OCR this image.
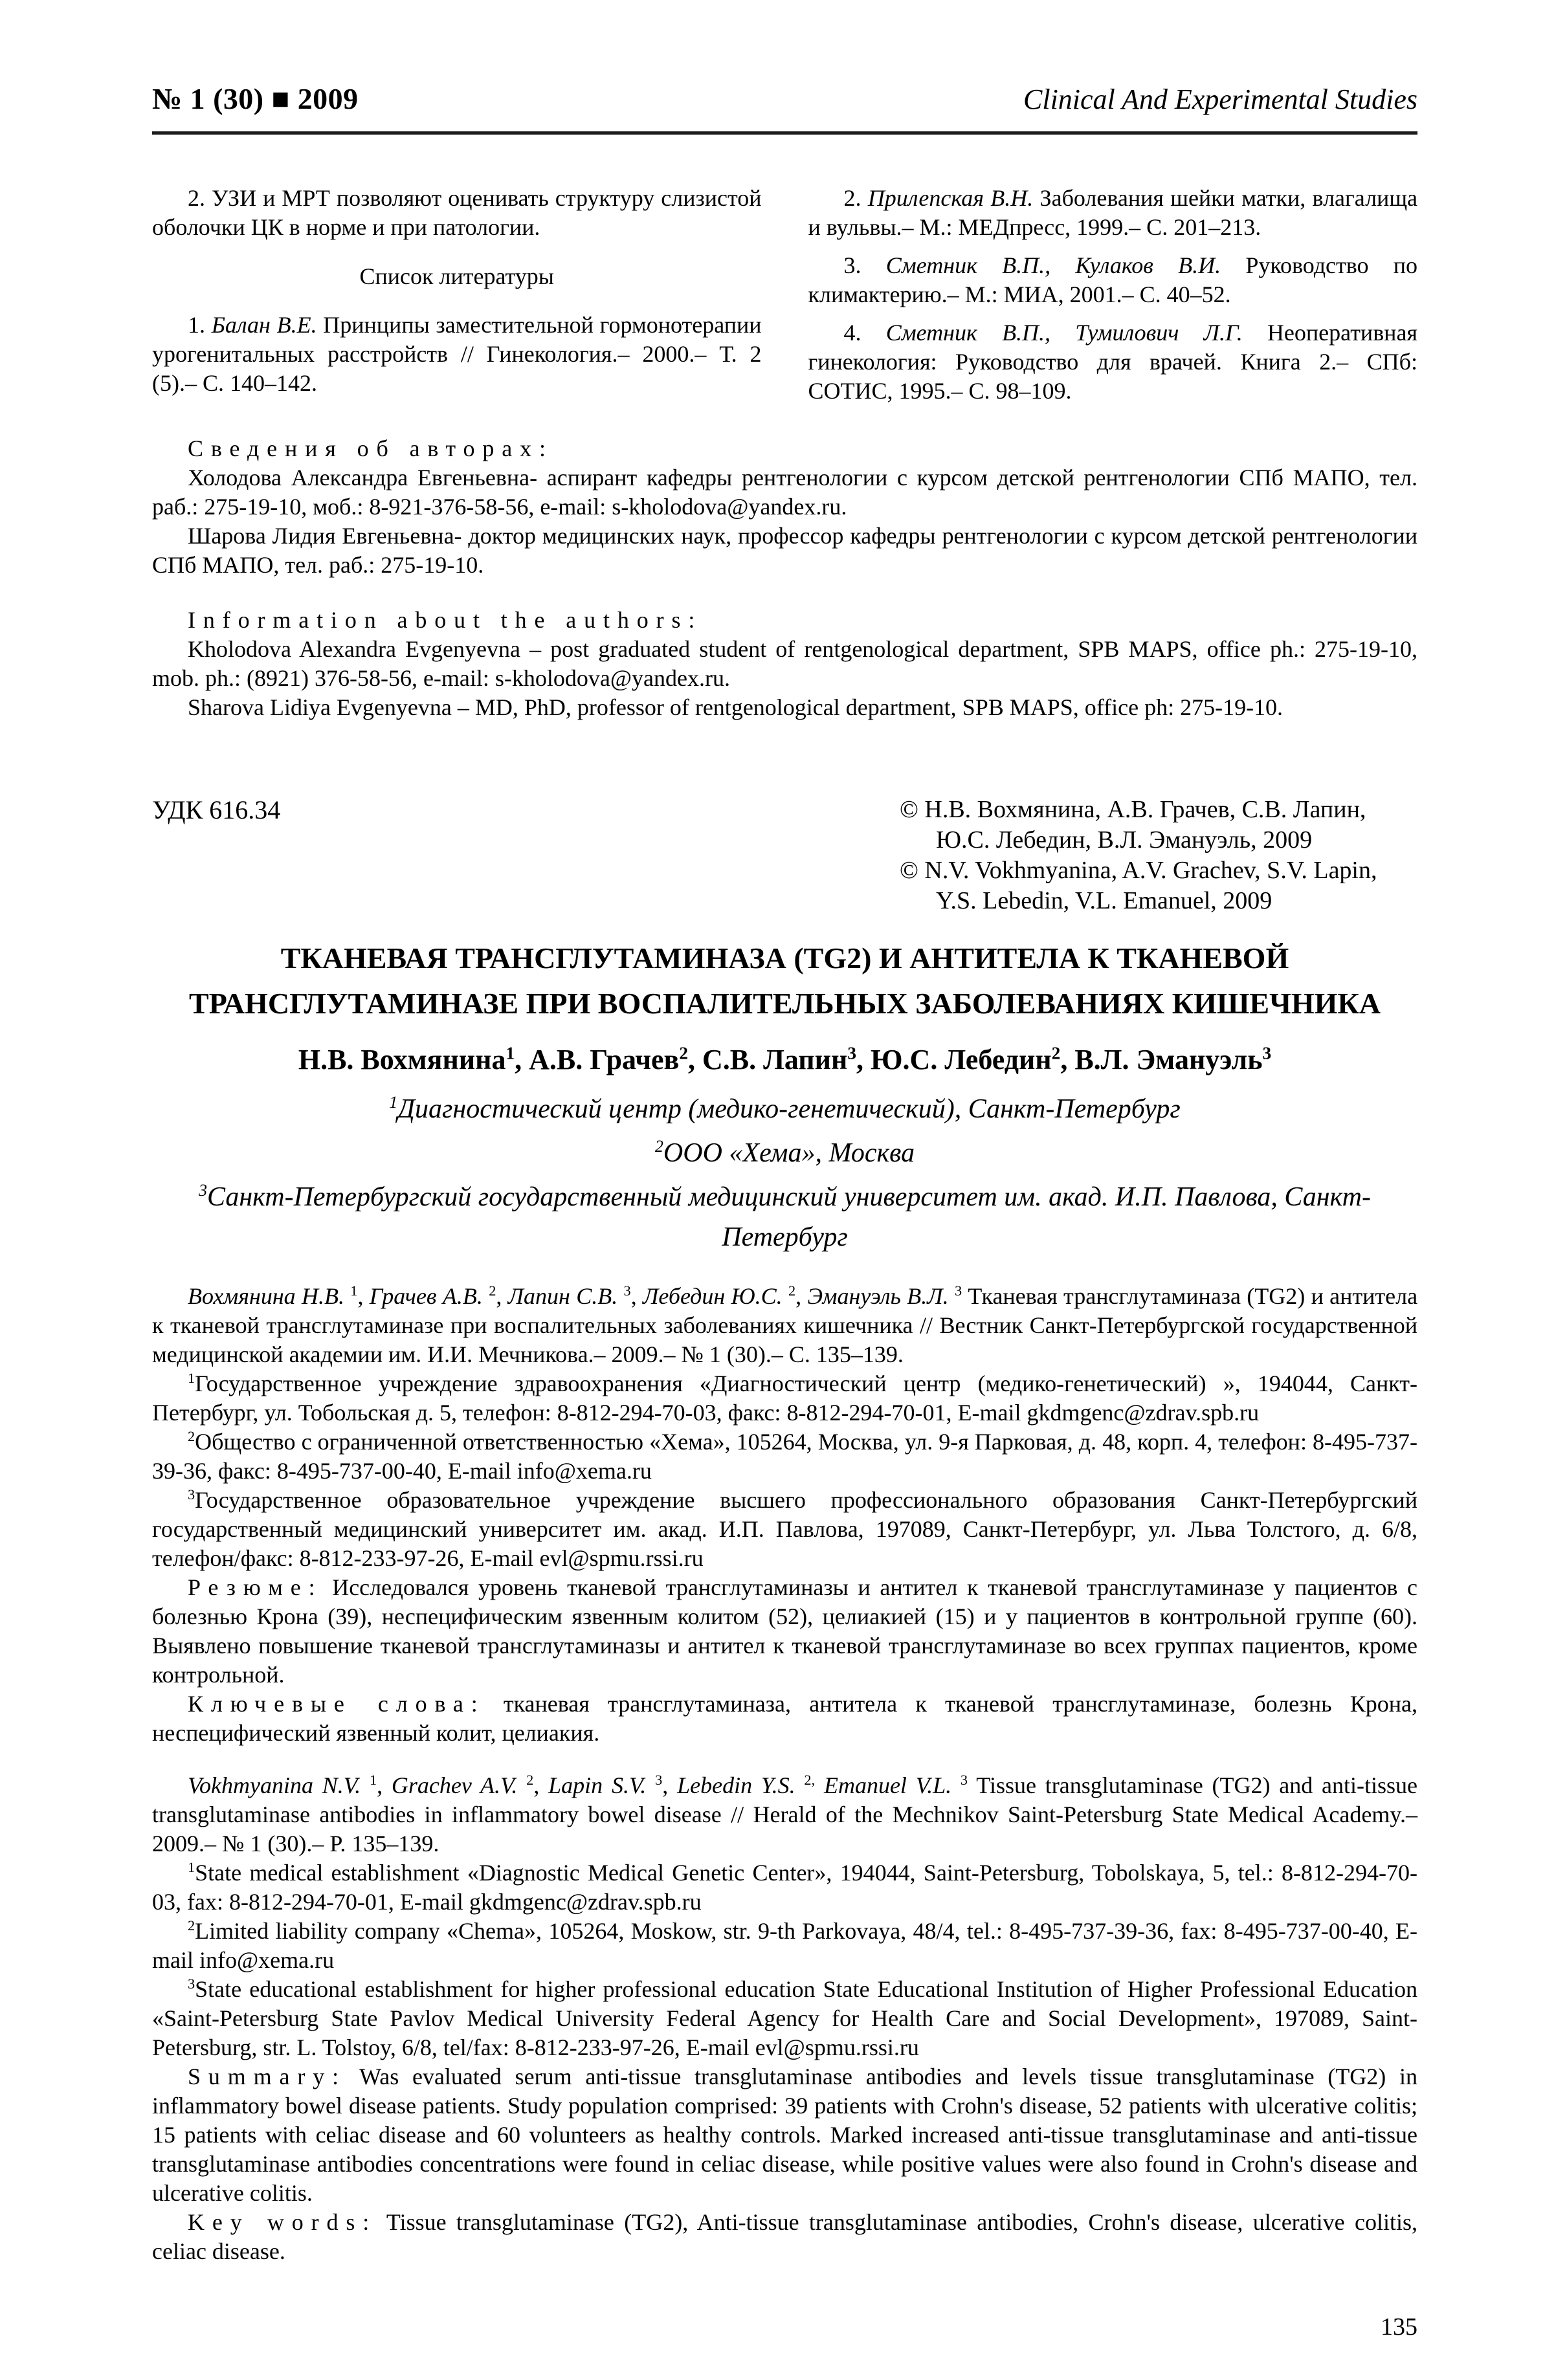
№ 1 (30) ■ 2009	Clinical And Experimental Studies

2. УЗИ и МРТ позволяют оценивать структуру слизистой оболочки ЦК в норме и при патологии.

Список литературы

1. Балан В.Е. Принципы заместительной гормонотерапии урогенитальных расстройств // Гинекология.– 2000.– Т. 2 (5).– С. 140–142.

2. Прилепская В.Н. Заболевания шейки матки, влагалища и вульвы.– М.: МЕДпресс, 1999.– С. 201–213.

3. Сметник В.П., Кулаков В.И. Руководство по климактерию.– М.: МИА, 2001.– С. 40–52.

4. Сметник В.П., Тумилович Л.Г. Неоперативная гинекология: Руководство для врачей. Книга 2.– СПб: СОТИС, 1995.– С. 98–109.

Сведения об авторах:

Холодова Александра Евгеньевна- аспирант кафедры рентгенологии с курсом детской рентгенологии СПб МАПО, тел. раб.: 275-19-10, моб.: 8-921-376-58-56, e-mail: s-kholodova@yandex.ru.

Шарова Лидия Евгеньевна- доктор медицинских наук, профессор кафедры рентгенологии с курсом детской рентгенологии СПб МАПО, тел. раб.: 275-19-10.

Information about the authors:

Kholodova Alexandra Evgenyevna – post graduated student of rentgenological department, SPB MAPS, office ph.: 275-19-10, mob. ph.: (8921) 376-58-56, e-mail: s-kholodova@yandex.ru.

Sharova Lidiya Evgenyevna – MD, PhD, professor of rentgenological department, SPB MAPS, office ph: 275-19-10.

УДК 616.34	© Н.В. Вохмянина, А.В. Грачев, С.В. Лапин,
Ю.С. Лебедин, В.Л. Эмануэль, 2009
© N.V. Vokhmyanina, A.V. Grachev, S.V. Lapin,
Y.S. Lebedin, V.L. Emanuel, 2009
ТКАНЕВАЯ ТРАНСГЛУТАМИНАЗА (TG2) И АНТИТЕЛА К ТКАНЕВОЙ
ТРАНСГЛУТАМИНАЗЕ ПРИ ВОСПАЛИТЕЛЬНЫХ ЗАБОЛЕВАНИЯХ КИШЕЧНИКА

Н.В. Вохмянина$^1$, А.В. Грачев$^2$, С.В. Лапин$^3$, Ю.С. Лебедин$^2$, В.Л. Эмануэль$^3$

$^1$Диагностический центр (медико-генетический), Санкт-Петербург

$^2$ООО «Хема», Москва

$^3$Санкт-Петербургский государственный медицинский университет им. акад. И.П. Павлова, Санкт-Петербург

Вохмянина Н.В. $^1$, Грачев А.В. $^2$, Лапин С.В. $^3$, Лебедин Ю.С. $^2$, Эмануэль В.Л. $^3$ Тканевая трансглутаминаза (TG2) и антитела к тканевой трансглутаминазе при воспалительных заболеваниях кишечника // Вестник Санкт-Петербургской государственной медицинской академии им. И.И. Мечникова.– 2009.– № 1 (30).– С. 135–139.

$^1$Государственное учреждение здравоохранения «Диагностический центр (медико-генетический) », 194044, Санкт-Петербург, ул. Тобольская д. 5, телефон: 8-812-294-70-03, факс: 8-812-294-70-01, E-mail gkdmgenc@zdrav.spb.ru

$^2$Общество с ограниченной ответственностью «Хема», 105264, Москва, ул. 9-я Парковая, д. 48, корп. 4, телефон: 8-495-737-39-36, факс: 8-495-737-00-40, E-mail info@xema.ru

$^3$Государственное образовательное учреждение высшего профессионального образования Санкт-Петербургский государственный медицинский университет им. акад. И.П. Павлова, 197089, Санкт-Петербург, ул. Льва Толстого, д. 6/8, телефон/факс: 8-812-233-97-26, E-mail evl@spmu.rssi.ru

Резюме: Исследовался уровень тканевой трансглутаминазы и антител к тканевой трансглутаминазе у пациентов с болезнью Крона (39), неспецифическим язвенным колитом (52), целиакией (15) и у пациентов в контрольной группе (60). Выявлено повышение тканевой трансглутаминазы и антител к тканевой трансглутаминазе во всех группах пациентов, кроме контрольной.

Ключевые слова: тканевая трансглутаминаза, антитела к тканевой трансглутаминазе, болезнь Крона, неспецифический язвенный колит, целиакия.

Vokhmyanina N.V. $^1$, Grachev A.V. $^2$, Lapin S.V. $^3$, Lebedin Y.S. $^{2,}$ Emanuel V.L. $^3$ Tissue transglutaminase (TG2) and anti-tissue transglutaminase antibodies in inflammatory bowel disease // Herald of the Mechnikov Saint-Petersburg State Medical Academy.– 2009.– № 1 (30).– P. 135–139.

$^1$State medical establishment «Diagnostic Medical Genetic Center», 194044, Saint-Petersburg, Tobolskaya, 5, tel.: 8-812-294-70-03, fax: 8-812-294-70-01, E-mail gkdmgenc@zdrav.spb.ru

$^2$Limited liability company «Chema», 105264, Moskow, str. 9-th Parkovaya, 48/4, tel.: 8-495-737-39-36, fax: 8-495-737-00-40, E-mail info@xema.ru

$^3$State educational establishment for higher professional education State Educational Institution of Higher Professional Education «Saint-Petersburg State Pavlov Medical University Federal Agency for Health Care and Social Development», 197089, Saint-Petersburg, str. L. Tolstoy, 6/8, tel/fax: 8-812-233-97-26, E-mail evl@spmu.rssi.ru

Summary: Was evaluated serum anti-tissue transglutaminase antibodies and levels tissue transglutaminase (TG2) in inflammatory bowel disease patients. Study population comprised: 39 patients with Crohn's disease, 52 patients with ulcerative colitis; 15 patients with celiac disease and 60 volunteers as healthy controls. Marked increased anti-tissue transglutaminase and anti-tissue transglutaminase antibodies concentrations were found in celiac disease, while positive values were also found in Crohn's disease and ulcerative colitis.

Key words: Tissue transglutaminase (TG2), Anti-tissue transglutaminase antibodies, Crohn's disease, ulcerative colitis, celiac disease.

135
